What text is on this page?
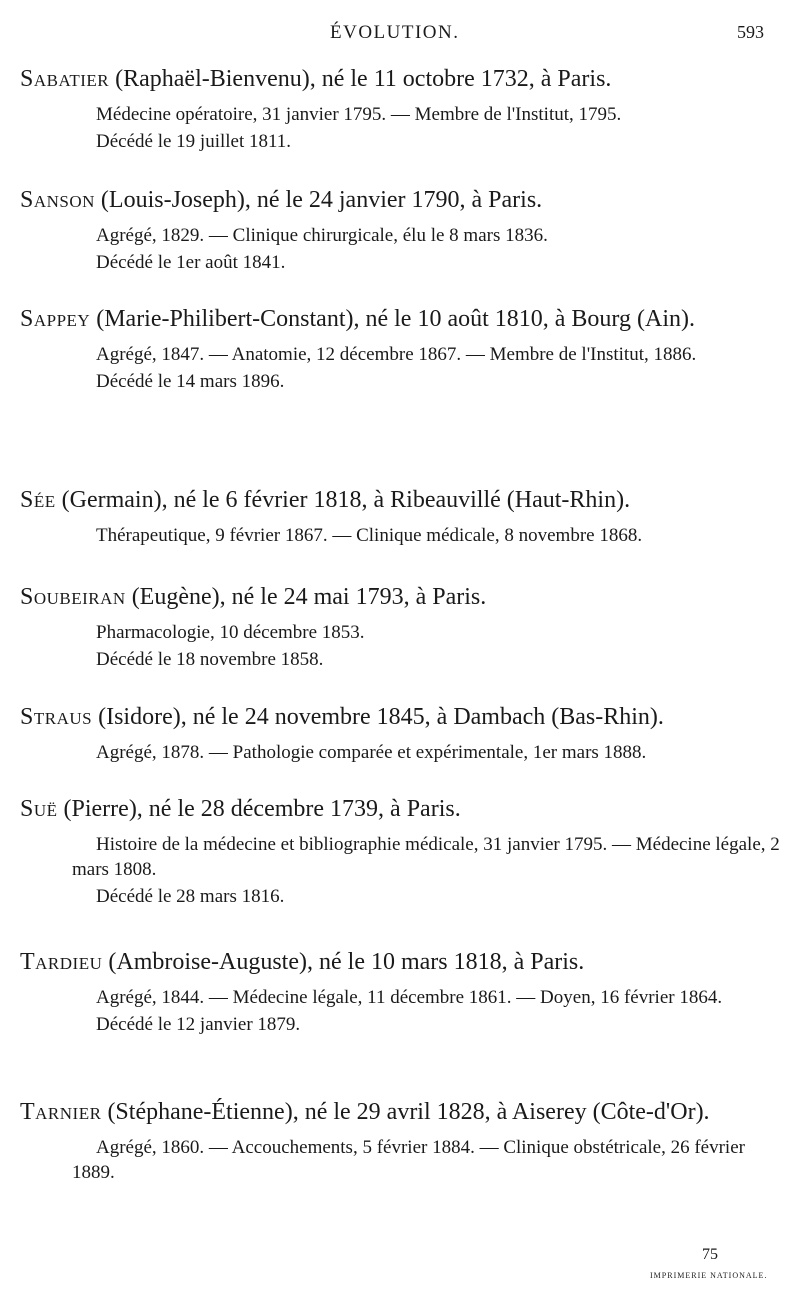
ÉVOLUTION.	593

Sabatier (Raphaël-Bienvenu), né le 11 octobre 1732, à Paris.

Médecine opératoire, 31 janvier 1795. — Membre de l'Institut, 1795.

Décédé le 19 juillet 1811.

Sanson (Louis-Joseph), né le 24 janvier 1790, à Paris.

Agrégé, 1829. — Clinique chirurgicale, élu le 8 mars 1836.

Décédé le 1er août 1841.

Sappey (Marie-Philibert-Constant), né le 10 août 1810, à Bourg (Ain).

Agrégé, 1847. — Anatomie, 12 décembre 1867. — Membre de l'Institut, 1886.

Décédé le 14 mars 1896.

Sée (Germain), né le 6 février 1818, à Ribeauvillé (Haut-Rhin).

Thérapeutique, 9 février 1867. — Clinique médicale, 8 novembre 1868.

Soubeiran (Eugène), né le 24 mai 1793, à Paris.

Pharmacologie, 10 décembre 1853.

Décédé le 18 novembre 1858.

Straus (Isidore), né le 24 novembre 1845, à Dambach (Bas-Rhin).

Agrégé, 1878. — Pathologie comparée et expérimentale, 1er mars 1888.

Suë (Pierre), né le 28 décembre 1739, à Paris.

Histoire de la médecine et bibliographie médicale, 31 janvier 1795. — Médecine légale, 2 mars 1808.

Décédé le 28 mars 1816.

Tardieu (Ambroise-Auguste), né le 10 mars 1818, à Paris.

Agrégé, 1844. — Médecine légale, 11 décembre 1861. — Doyen, 16 février 1864.

Décédé le 12 janvier 1879.

Tarnier (Stéphane-Étienne), né le 29 avril 1828, à Aiserey (Côte-d'Or).

Agrégé, 1860. — Accouchements, 5 février 1884. — Clinique obstétricale, 26 février 1889.

75
IMPRIMERIE NATIONALE.
